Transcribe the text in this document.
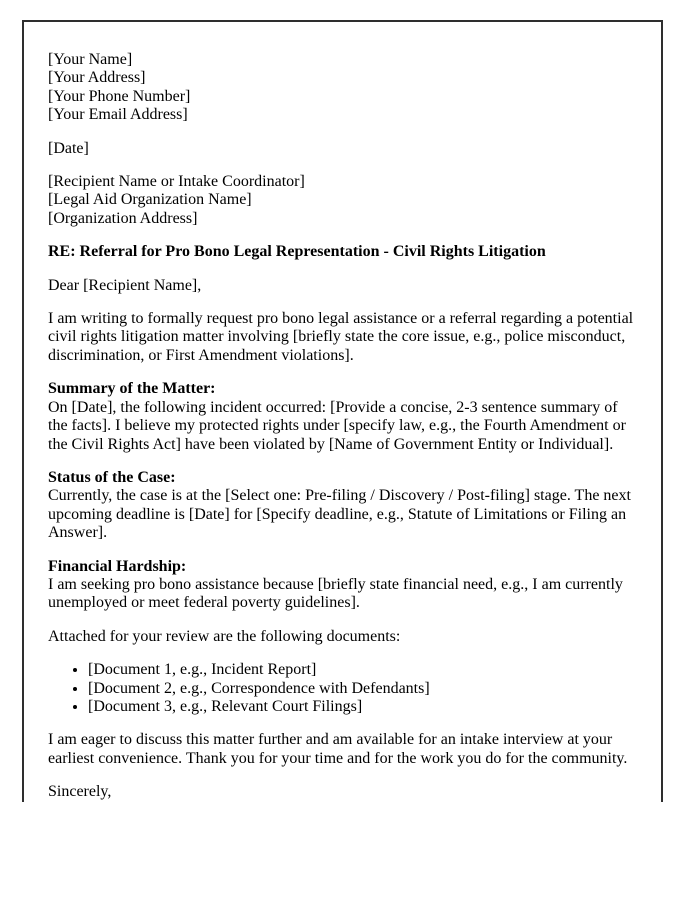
[Your Name]
[Your Address]
[Your Phone Number]
[Your Email Address]

[Date]

[Recipient Name or Intake Coordinator]
[Legal Aid Organization Name]
[Organization Address]

RE: Referral for Pro Bono Legal Representation - Civil Rights Litigation

Dear [Recipient Name],

I am writing to formally request pro bono legal assistance or a referral regarding a potential civil rights litigation matter involving [briefly state the core issue, e.g., police misconduct, discrimination, or First Amendment violations].

Summary of the Matter:
On [Date], the following incident occurred: [Provide a concise, 2-3 sentence summary of the facts]. I believe my protected rights under [specify law, e.g., the Fourth Amendment or the Civil Rights Act] have been violated by [Name of Government Entity or Individual].

Status of the Case:
Currently, the case is at the [Select one: Pre-filing / Discovery / Post-filing] stage. The next upcoming deadline is [Date] for [Specify deadline, e.g., Statute of Limitations or Filing an Answer].

Financial Hardship:
I am seeking pro bono assistance because [briefly state financial need, e.g., I am currently unemployed or meet federal poverty guidelines].

Attached for your review are the following documents:

• [Document 1, e.g., Incident Report]
• [Document 2, e.g., Correspondence with Defendants]
• [Document 3, e.g., Relevant Court Filings]

I am eager to discuss this matter further and am available for an intake interview at your earliest convenience. Thank you for your time and for the work you do for the community.

Sincerely,
